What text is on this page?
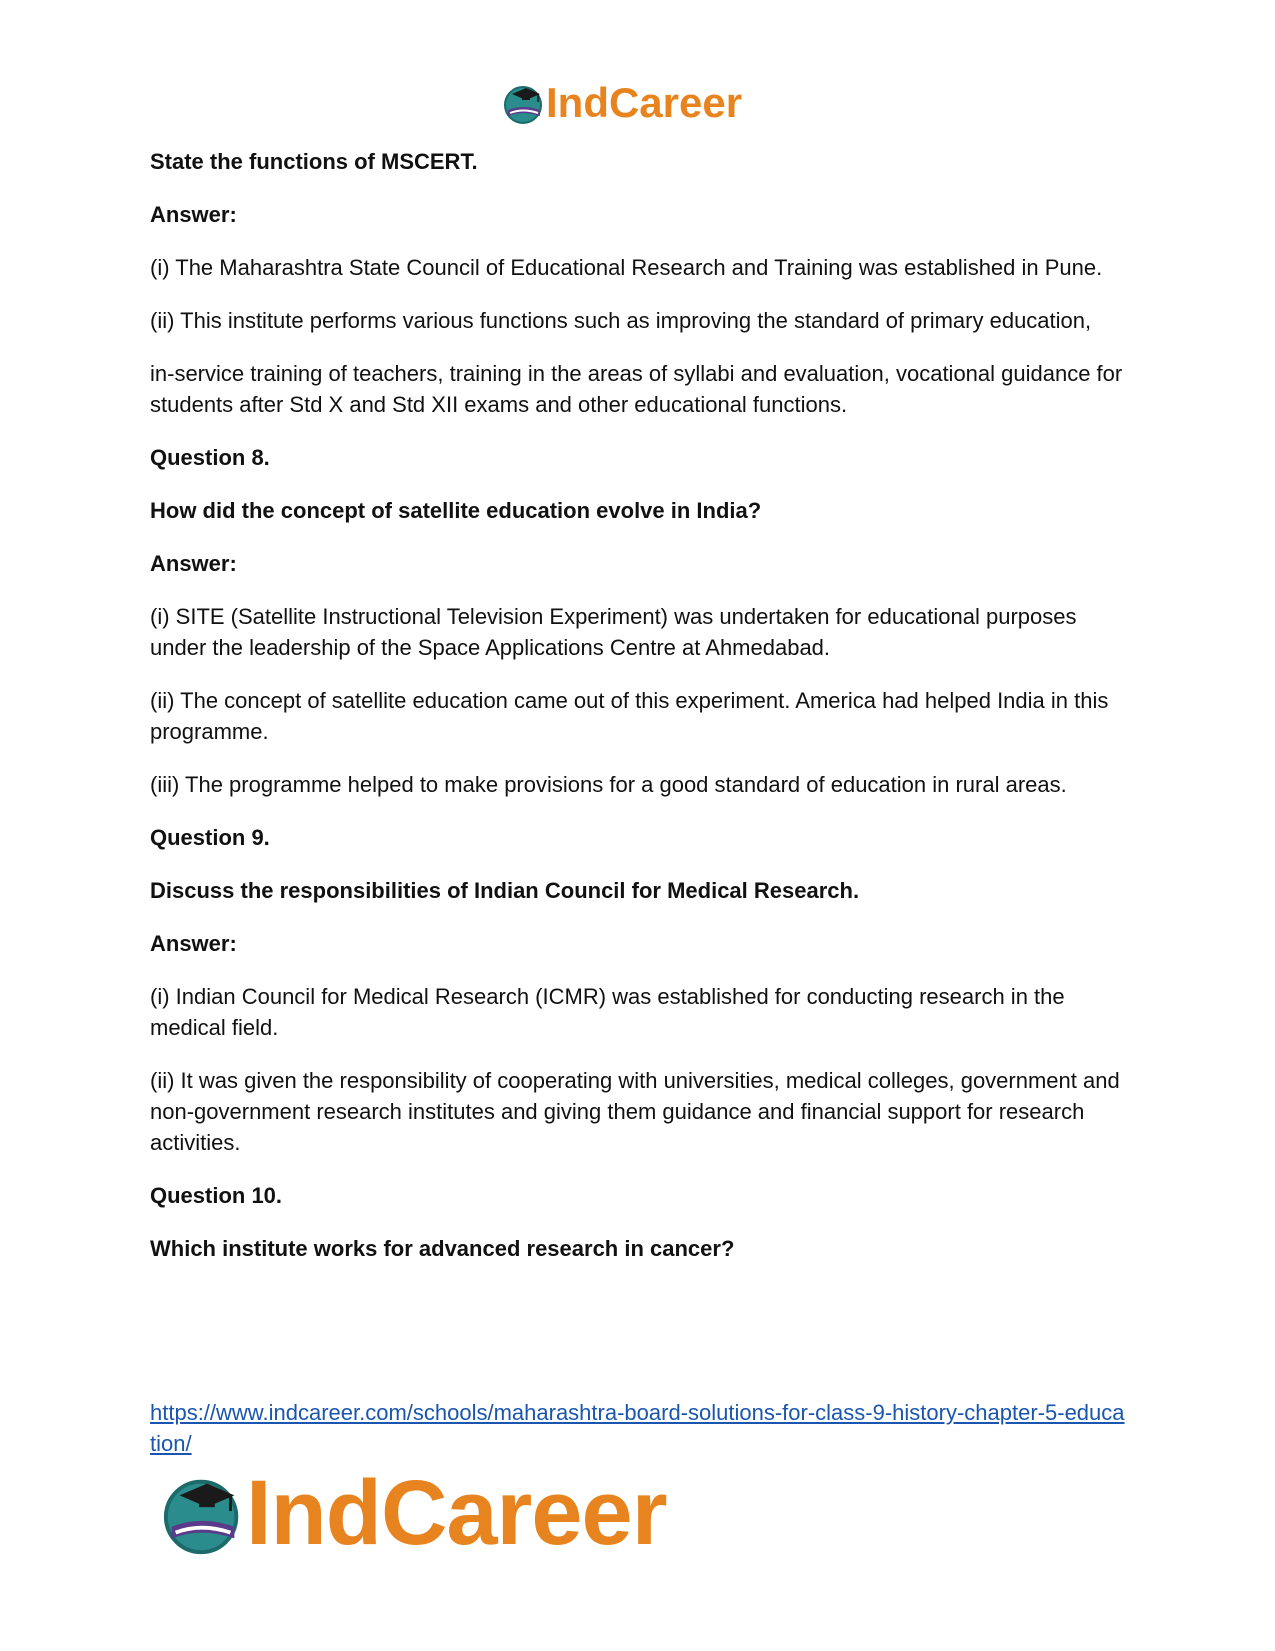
IndCareer

State the functions of MSCERT.

Answer:

(i) The Maharashtra State Council of Educational Research and Training was established in Pune.

(ii) This institute performs various functions such as improving the standard of primary education,

in-service training of teachers, training in the areas of syllabi and evaluation, vocational guidance for students after Std X and Std XII exams and other educational functions.

Question 8.

How did the concept of satellite education evolve in India?

Answer:

(i) SITE (Satellite Instructional Television Experiment) was undertaken for educational purposes under the leadership of the Space Applications Centre at Ahmedabad.

(ii) The concept of satellite education came out of this experiment. America had helped India in this programme.

(iii) The programme helped to make provisions for a good standard of education in rural areas.

Question 9.

Discuss the responsibilities of Indian Council for Medical Research.

Answer:

(i) Indian Council for Medical Research (ICMR) was established for conducting research in the medical field.

(ii) It was given the responsibility of cooperating with universities, medical colleges, government and non-government research institutes and giving them guidance and financial support for research activities.

Question 10.

Which institute works for advanced research in cancer?

https://www.indcareer.com/schools/maharashtra-board-solutions-for-class-9-history-chapter-5-education/
IndCareer
